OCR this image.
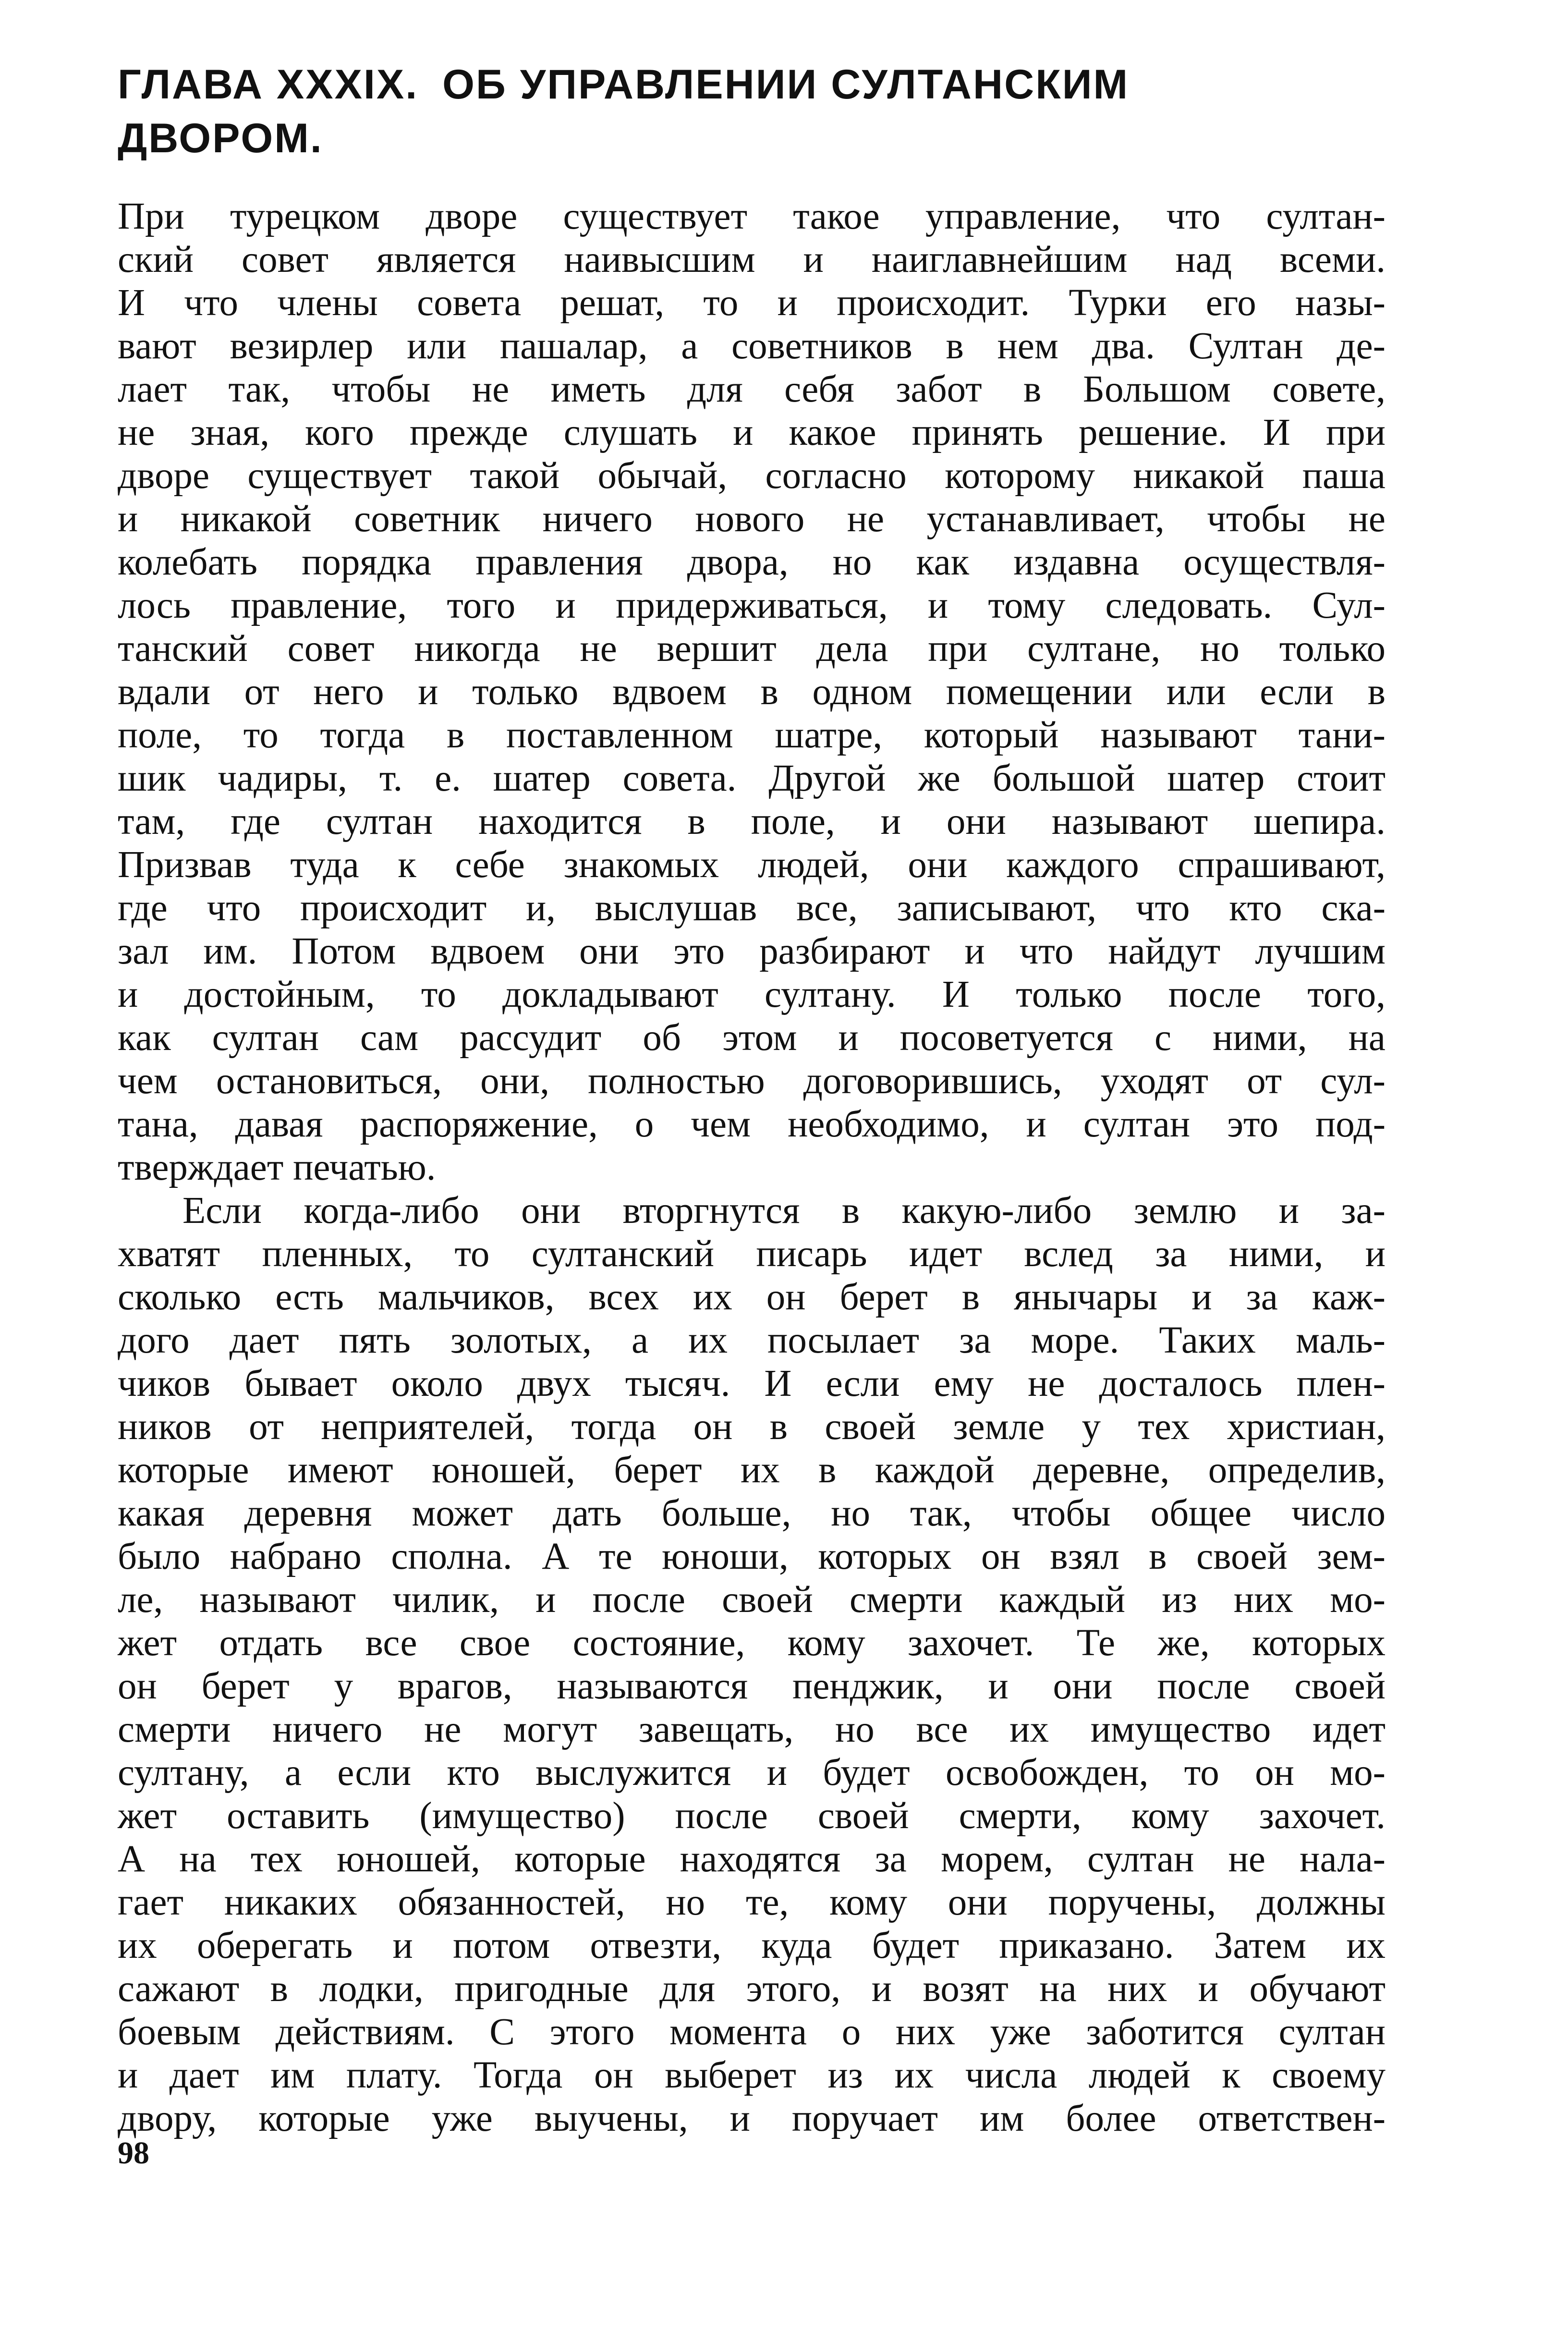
ГЛАВА XXXIX. ОБ УПРАВЛЕНИИ СУЛТАНСКИМ
ДВОРОМ.
При турецком дворе существует такое управление, что султан-
ский совет является наивысшим и наиглавнейшим над всеми.
И что члены совета решат, то и происходит. Турки его назы-
вают везирлер или пашалар, а советников в нем два. Султан де-
лает так, чтобы не иметь для себя забот в Большом совете,
не зная, кого прежде слушать и какое принять решение. И при
дворе существует такой обычай, согласно которому никакой паша
и никакой советник ничего нового не устанавливает, чтобы не
колебать порядка правления двора, но как издавна осуществля-
лось правление, того и придерживаться, и тому следовать. Сул-
танский совет никогда не вершит дела при султане, но только
вдали от него и только вдвоем в одном помещении или если в
поле, то тогда в поставленном шатре, который называют тани-
шик чадиры, т. е. шатер совета. Другой же большой шатер стоит
там, где султан находится в поле, и они называют шепира.
Призвав туда к себе знакомых людей, они каждого спрашивают,
где что происходит и, выслушав все, записывают, что кто ска-
зал им. Потом вдвоем они это разбирают и что найдут лучшим
и достойным, то докладывают султану. И только после того,
как султан сам рассудит об этом и посоветуется с ними, на
чем остановиться, они, полностью договорившись, уходят от сул-
тана, давая распоряжение, о чем необходимо, и султан это под-
тверждает печатью.
Если когда-либо они вторгнутся в какую-либо землю и за-
хватят пленных, то султанский писарь идет вслед за ними, и
сколько есть мальчиков, всех их он берет в янычары и за каж-
дого дает пять золотых, а их посылает за море. Таких маль-
чиков бывает около двух тысяч. И если ему не досталось плен-
ников от неприятелей, тогда он в своей земле у тех христиан,
которые имеют юношей, берет их в каждой деревне, определив,
какая деревня может дать больше, но так, чтобы общее число
было набрано сполна. А те юноши, которых он взял в своей зем-
ле, называют чилик, и после своей смерти каждый из них мо-
жет отдать все свое состояние, кому захочет. Те же, которых
он берет у врагов, называются пенджик, и они после своей
смерти ничего не могут завещать, но все их имущество идет
султану, а если кто выслужится и будет освобожден, то он мо-
жет оставить (имущество) после своей смерти, кому захочет.
А на тех юношей, которые находятся за морем, султан не нала-
гает никаких обязанностей, но те, кому они поручены, должны
их оберегать и потом отвезти, куда будет приказано. Затем их
сажают в лодки, пригодные для этого, и возят на них и обучают
боевым действиям. С этого момента о них уже заботится султан
и дает им плату. Тогда он выберет из их числа людей к своему
двору, которые уже выучены, и поручает им более ответствен-
98
